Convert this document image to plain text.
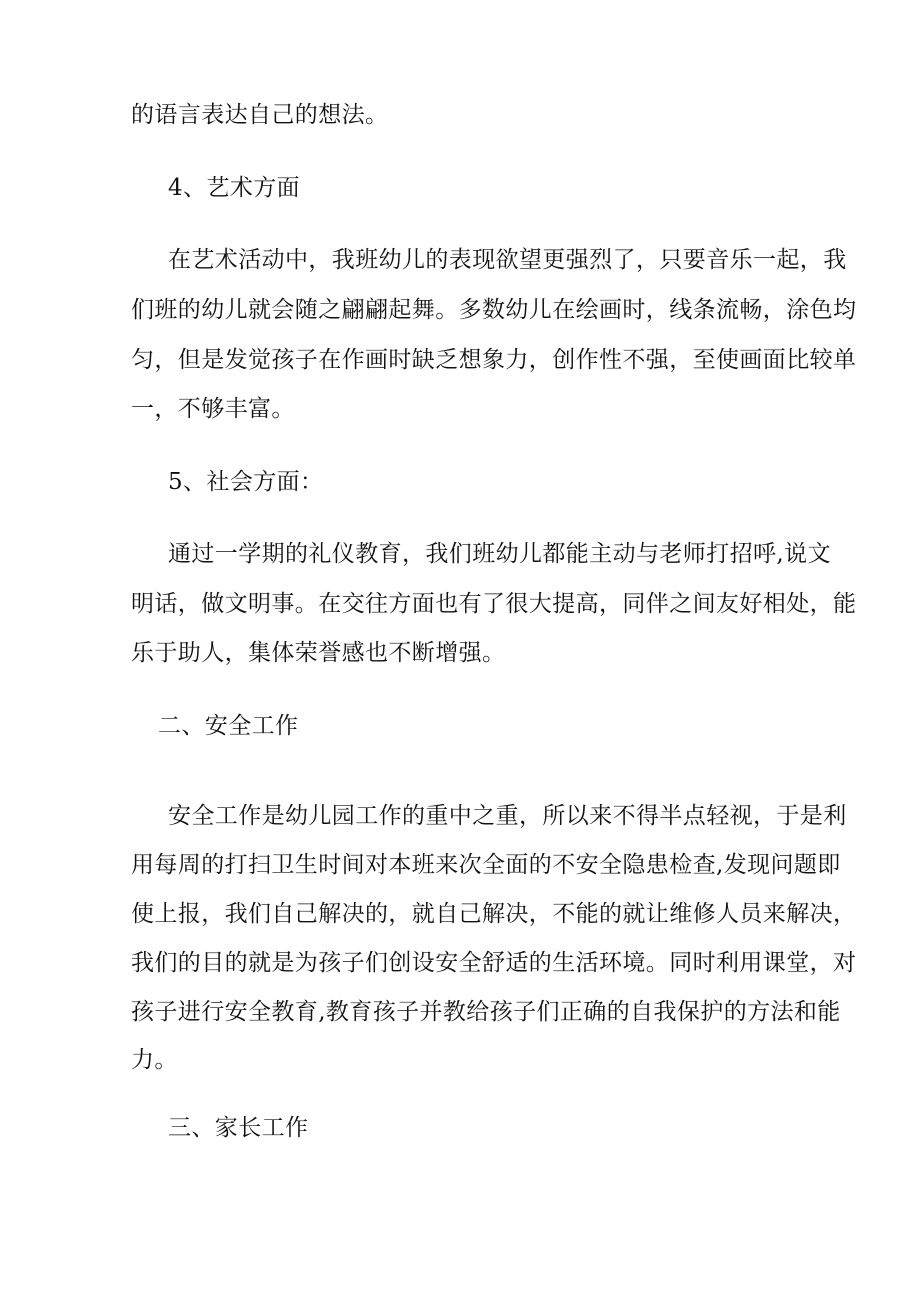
的语言表达自己的想法。
4、艺术方面
在艺术活动中，我班幼儿的表现欲望更强烈了，只要音乐一起，我
们班的幼儿就会随之翩翩起舞。多数幼儿在绘画时，线条流畅，涂色均
匀，但是发觉孩子在作画时缺乏想象力，创作性不强，至使画面比较单
一，不够丰富。
5、社会方面：
通过一学期的礼仪教育，我们班幼儿都能主动与老师打招呼,说文
明话，做文明事。在交往方面也有了很大提高，同伴之间友好相处，能
乐于助人，集体荣誉感也不断增强。
二、安全工作
安全工作是幼儿园工作的重中之重，所以来不得半点轻视，于是利
用每周的打扫卫生时间对本班来次全面的不安全隐患检查,发现问题即
使上报，我们自己解决的，就自己解决，不能的就让维修人员来解决，
我们的目的就是为孩子们创设安全舒适的生活环境。同时利用课堂，对
孩子进行安全教育,教育孩子并教给孩子们正确的自我保护的方法和能
力。
三、家长工作
